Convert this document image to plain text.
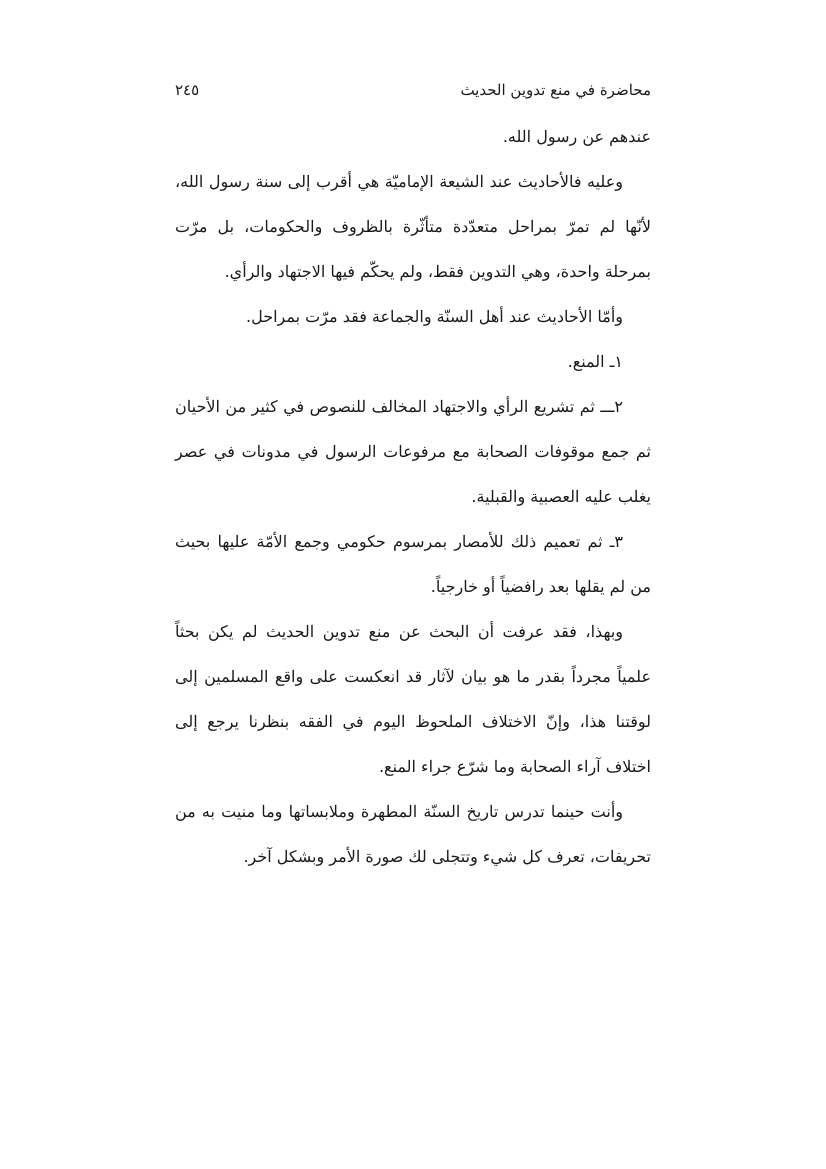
محاضرة في منع تدوين الحديث
٢٤٥

عندهم عن رسول الله.

وعليه فالأحاديث عند الشيعة الإماميّة هي أقرب إلى سنة رسول الله، لأنّها لم تمرّ بمراحل متعدّدة متأثّرة بالظروف والحكومات، بل مرّت بمرحلة واحدة، وهي التدوين فقط، ولم يحكّم فيها الاجتهاد والرأي.

وأمّا الأحاديث عند أهل السنّة والجماعة فقد مرّت بمراحل.

١ـ المنع.

٢ـــ ثم تشريع الرأي والاجتهاد المخالف للنصوص في كثير من الأحيان ثم جمع موقوفات الصحابة مع مرفوعات الرسول في مدونات في عصر يغلب عليه العصبية والقبلية.

٣ـ ثم تعميم ذلك للأمصار بمرسوم حكومي وجمع الأمّة عليها بحيث من لم يقلها بعد رافضياً أو خارجياً.

وبهذا، فقد عرفت أن البحث عن منع تدوين الحديث لم يكن بحثاً علمياً مجرداً بقدر ما هو بيان لآثار قد انعكست على واقع المسلمين إلى لوقتنا هذا، وإنّ الاختلاف الملحوظ اليوم في الفقه بنظرنا يرجع إلى اختلاف آراء الصحابة وما شرّع جراء المنع.

وأنت حينما تدرس تاريخ السنّة المطهرة وملابساتها وما منيت به من تحريفات، تعرف كل شيء وتتجلى لك صورة الأمر وبشكل آخر.
